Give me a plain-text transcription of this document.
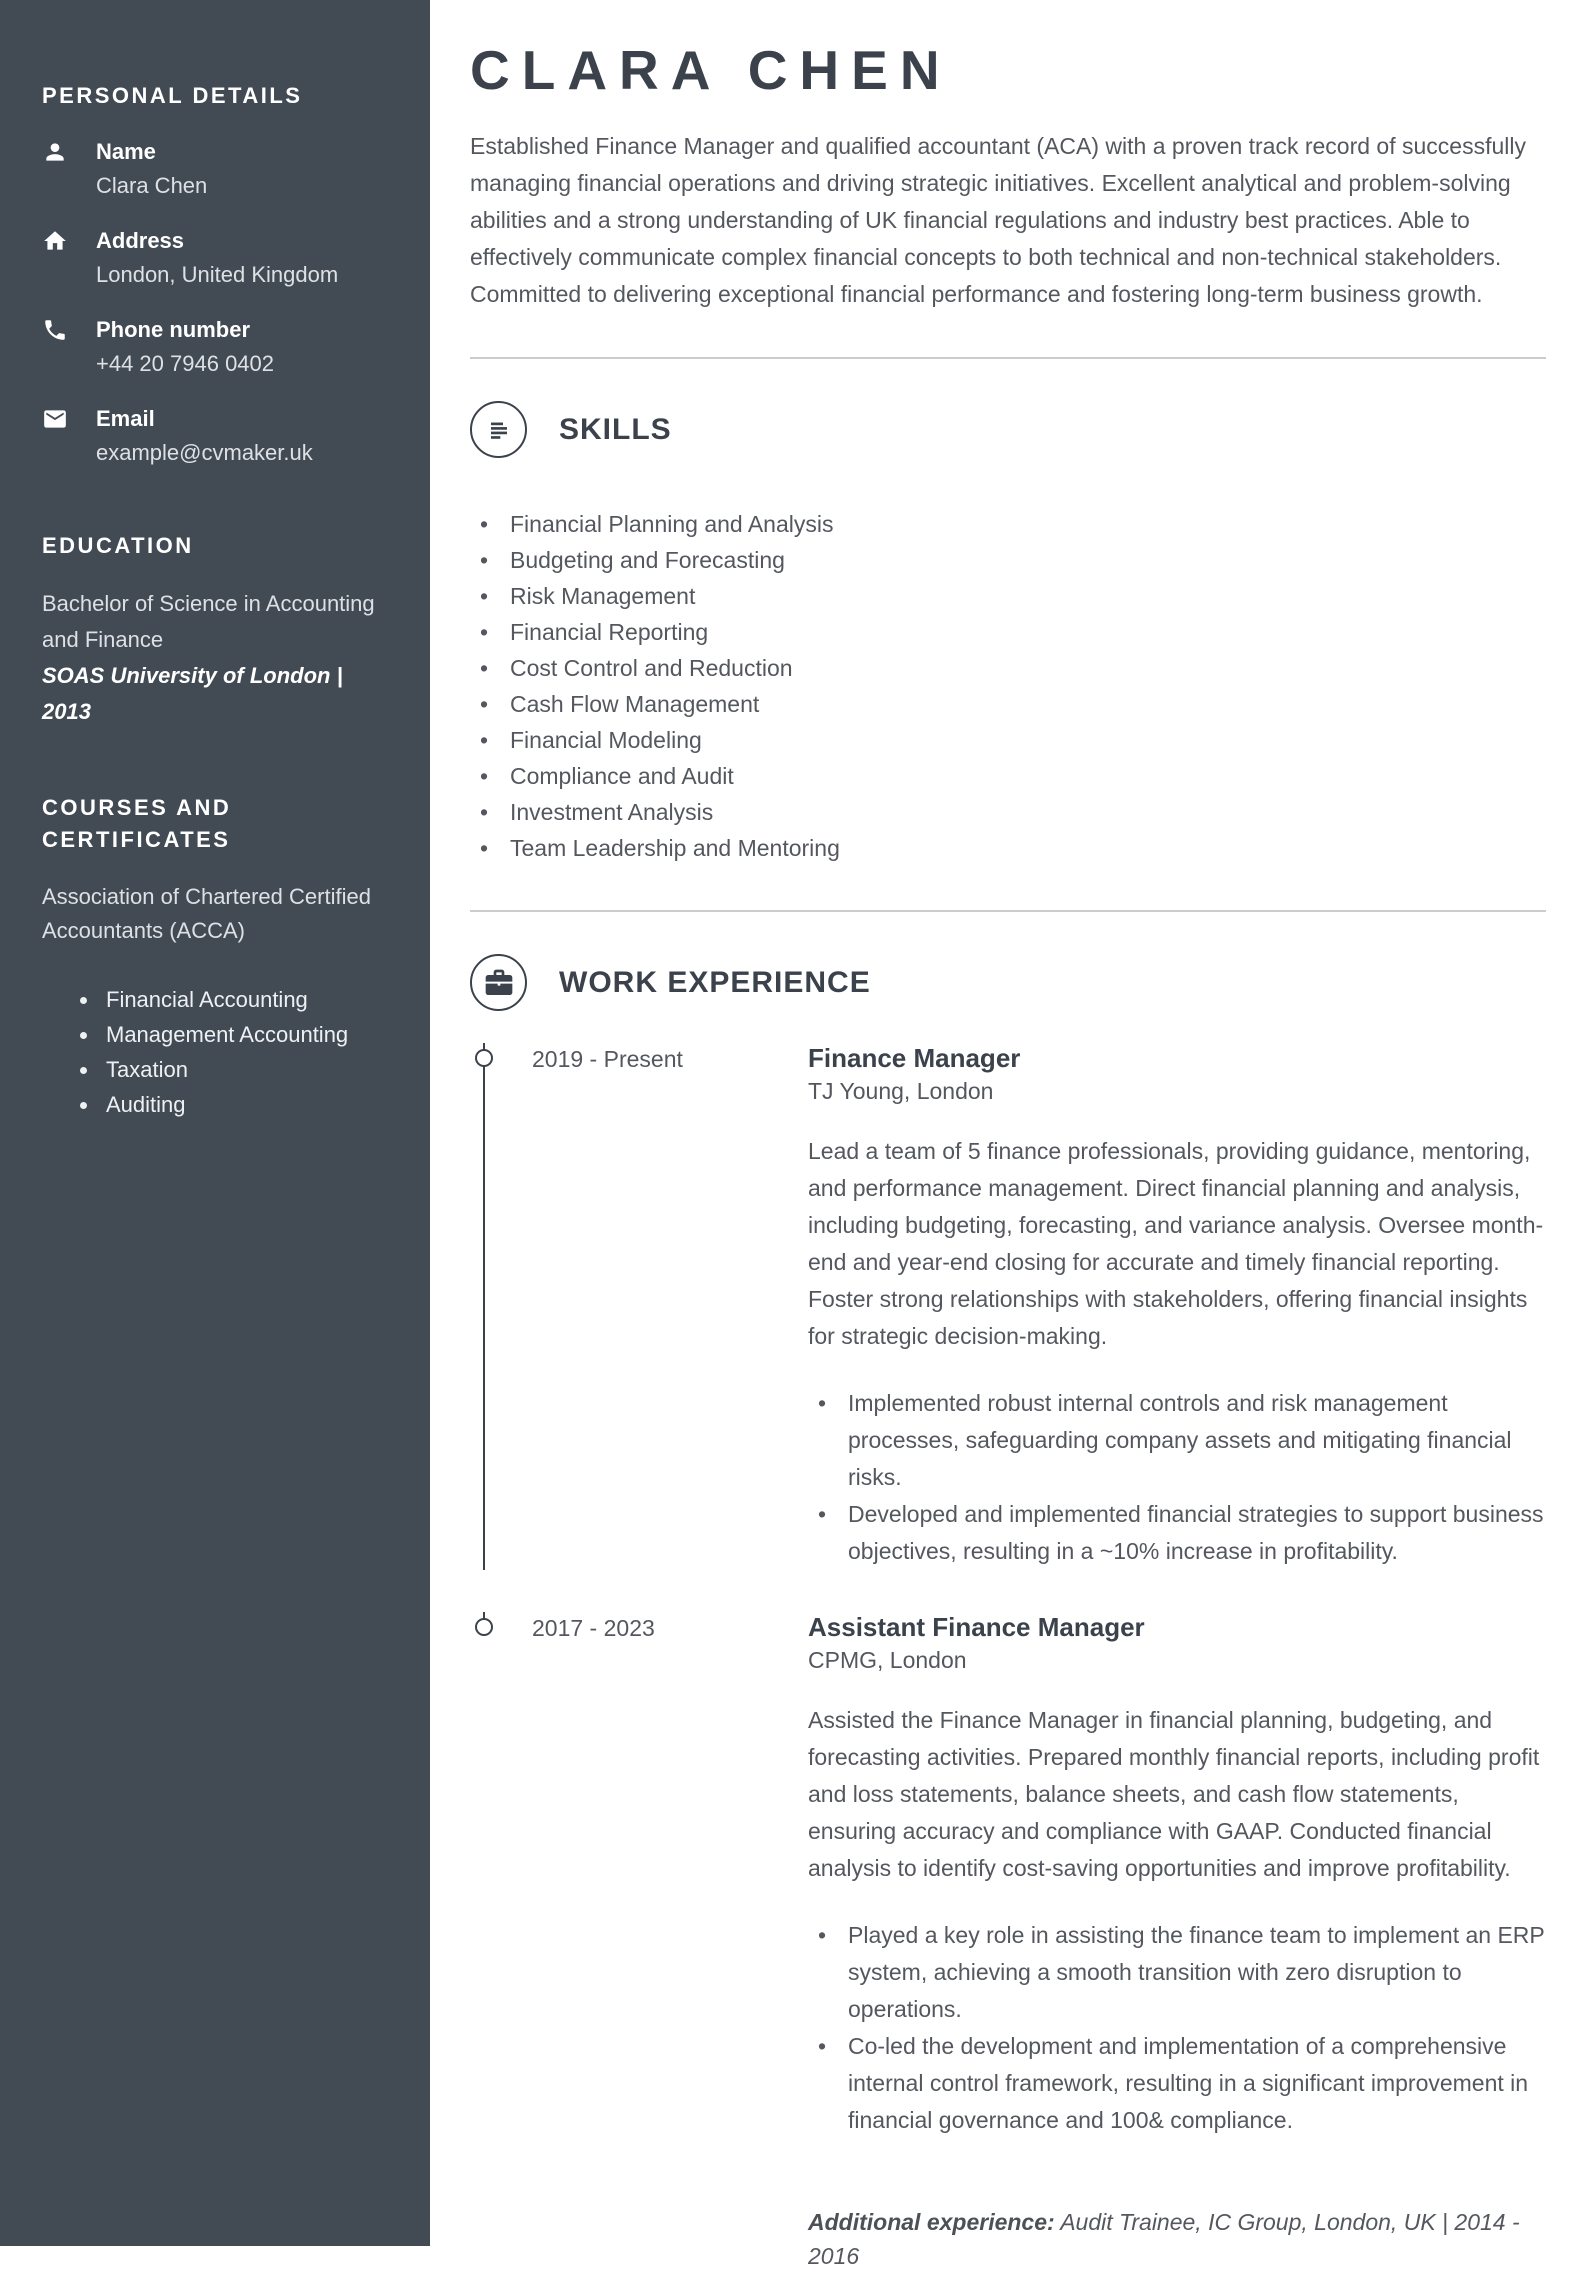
PERSONAL DETAILS
Name
Clara Chen
Address
London, United Kingdom
Phone number
+44 20 7946 0402
Email
example@cvmaker.uk
EDUCATION

Bachelor of Science in Accounting and Finance

SOAS University of London | 2013

COURSES AND CERTIFICATES

Association of Chartered Certified Accountants (ACCA)

• Financial Accounting
• Management Accounting
• Taxation
• Auditing
CLARA CHEN

Established Finance Manager and qualified accountant (ACA) with a proven track record of successfully managing financial operations and driving strategic initiatives. Excellent analytical and problem-solving abilities and a strong understanding of UK financial regulations and industry best practices. Able to effectively communicate complex financial concepts to both technical and non-technical stakeholders. Committed to delivering exceptional financial performance and fostering long-term business growth.

SKILLS
• Financial Planning and Analysis
• Budgeting and Forecasting
• Risk Management
• Financial Reporting
• Cost Control and Reduction
• Cash Flow Management
• Financial Modeling
• Compliance and Audit
• Investment Analysis
• Team Leadership and Mentoring
WORK EXPERIENCE
2019 - Present	Finance Manager

TJ Young, London

Lead a team of 5 finance professionals, providing guidance, mentoring, and performance management. Direct financial planning and analysis, including budgeting, forecasting, and variance analysis. Oversee month-end and year-end closing for accurate and timely financial reporting. Foster strong relationships with stakeholders, offering financial insights for strategic decision-making.

• Implemented robust internal controls and risk management processes, safeguarding company assets and mitigating financial risks.
• Developed and implemented financial strategies to support business objectives, resulting in a ~10% increase in profitability.
2017 - 2023	Assistant Finance Manager

CPMG, London

Assisted the Finance Manager in financial planning, budgeting, and forecasting activities. Prepared monthly financial reports, including profit and loss statements, balance sheets, and cash flow statements, ensuring accuracy and compliance with GAAP. Conducted financial analysis to identify cost-saving opportunities and improve profitability.

• Played a key role in assisting the finance team to implement an ERP system, achieving a smooth transition with zero disruption to operations.
• Co-led the development and implementation of a comprehensive internal control framework, resulting in a significant improvement in financial governance and 100& compliance.

Additional experience: Audit Trainee, IC Group, London, UK | 2014 - 2016
